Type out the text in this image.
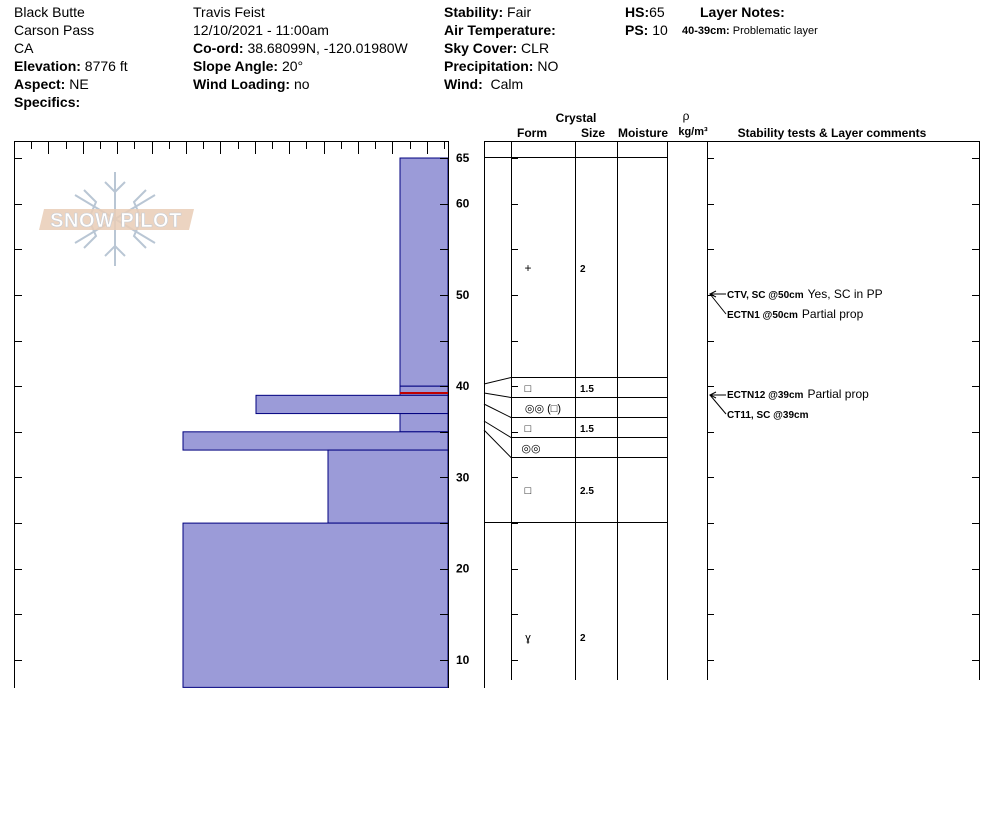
Black Butte
Carson Pass
CA
Elevation: 8776 ft
Aspect: NE
Specifics:
Travis Feist
12/10/2021 - 11:00am
Co-ord: 38.68099N, -120.01980W
Slope Angle: 20°
Wind Loading: no
Stability: Fair
Air Temperature:
Sky Cover: CLR
Precipitation: NO
Wind: Calm
HS:65
PS: 10
Layer Notes:
40-39cm: Problematic layer
65
60
50
40
30
20
10
SNOW PILOT
Crystal
Form	Size Moisture
ρ
kg/m³ Stability tests & Layer comments
+	2
□	1.5
◎◎ (□)
□	1.5
◎◎
□	2.5
ɣ	2
CTV, SC @50cm Yes, SC in PP
ECTN1 @50cm Partial prop
ECTN12 @39cm Partial prop
CT11, SC @39cm
